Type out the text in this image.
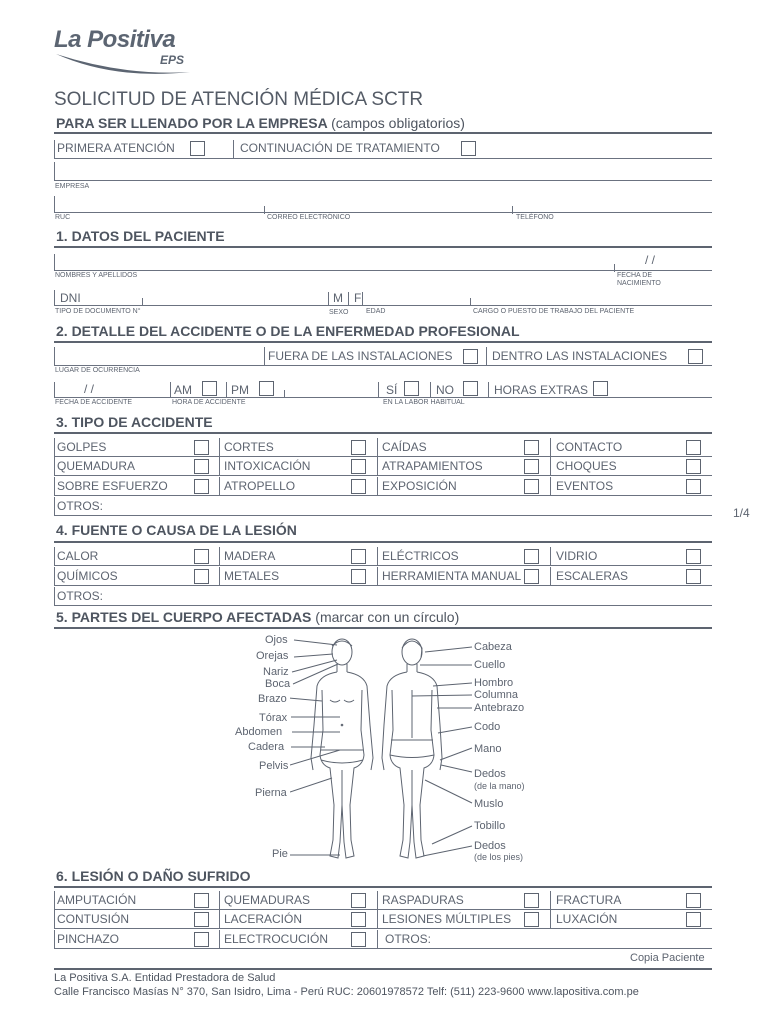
La Positiva
EPS
SOLICITUD DE ATENCIÓN MÉDICA SCTR
PARA SER LLENADO POR LA EMPRESA (campos obligatorios)
PRIMERA ATENCIÓN	CONTINUACIÓN DE TRATAMIENTO
EMPRESA
RUC	CORREO ELECTRÓNICO	TELÉFONO
1. DATOS DEL PACIENTE
/ /
NOMBRES Y APELLIDOS	FECHA DE NACIMIENTO
DNI	M F
TIPO DE DOCUMENTO N°	SEXO	EDAD	CARGO O PUESTO DE TRABAJO DEL PACIENTE
2. DETALLE DEL ACCIDENTE O DE LA ENFERMEDAD PROFESIONAL
FUERA DE LAS INSTALACIONES	DENTRO LAS INSTALACIONES
LUGAR DE OCURRENCIA
/ /	AM	PM	SÍ	NO	HORAS EXTRAS
FECHA DE ACCIDENTE	HORA DE ACCIDENTE	EN LA LABOR HABITUAL
3. TIPO DE ACCIDENTE
GOLPES	CORTES	CAÍDAS	CONTACTO
QUEMADURA	INTOXICACIÓN	ATRAPAMIENTOS	CHOQUES
SOBRE ESFUERZO	ATROPELLO	EXPOSICIÓN	EVENTOS
OTROS:	1/4
4. FUENTE O CAUSA DE LA LESIÓN
CALOR	MADERA	ELÉCTRICOS	VIDRIO
QUÍMICOS	METALES	HERRAMIENTA MANUAL	ESCALERAS
OTROS:
5. PARTES DEL CUERPO AFECTADAS (marcar con un círculo)
Ojos
Orejas
Nariz
Boca
Brazo
Tórax
Abdomen
Cadera
Pelvis
Pierna
Pie
Cabeza
Cuello
Hombro
Columna
Antebrazo
Codo
Mano
Dedos
(de la mano)
Muslo
Tobillo
Dedos
(de los pies)
6. LESIÓN O DAÑO SUFRIDO
AMPUTACIÓN	QUEMADURAS	RASPADURAS	FRACTURA
CONTUSIÓN	LACERACIÓN	LESIONES MÚLTIPLES	LUXACIÓN
PINCHAZO	ELECTROCUCIÓN	OTROS:
Copia Paciente
La Positiva S.A. Entidad Prestadora de Salud
Calle Francisco Masías N° 370, San Isidro, Lima - Perú RUC: 20601978572 Telf: (511) 223-9600 www.lapositiva.com.pe
